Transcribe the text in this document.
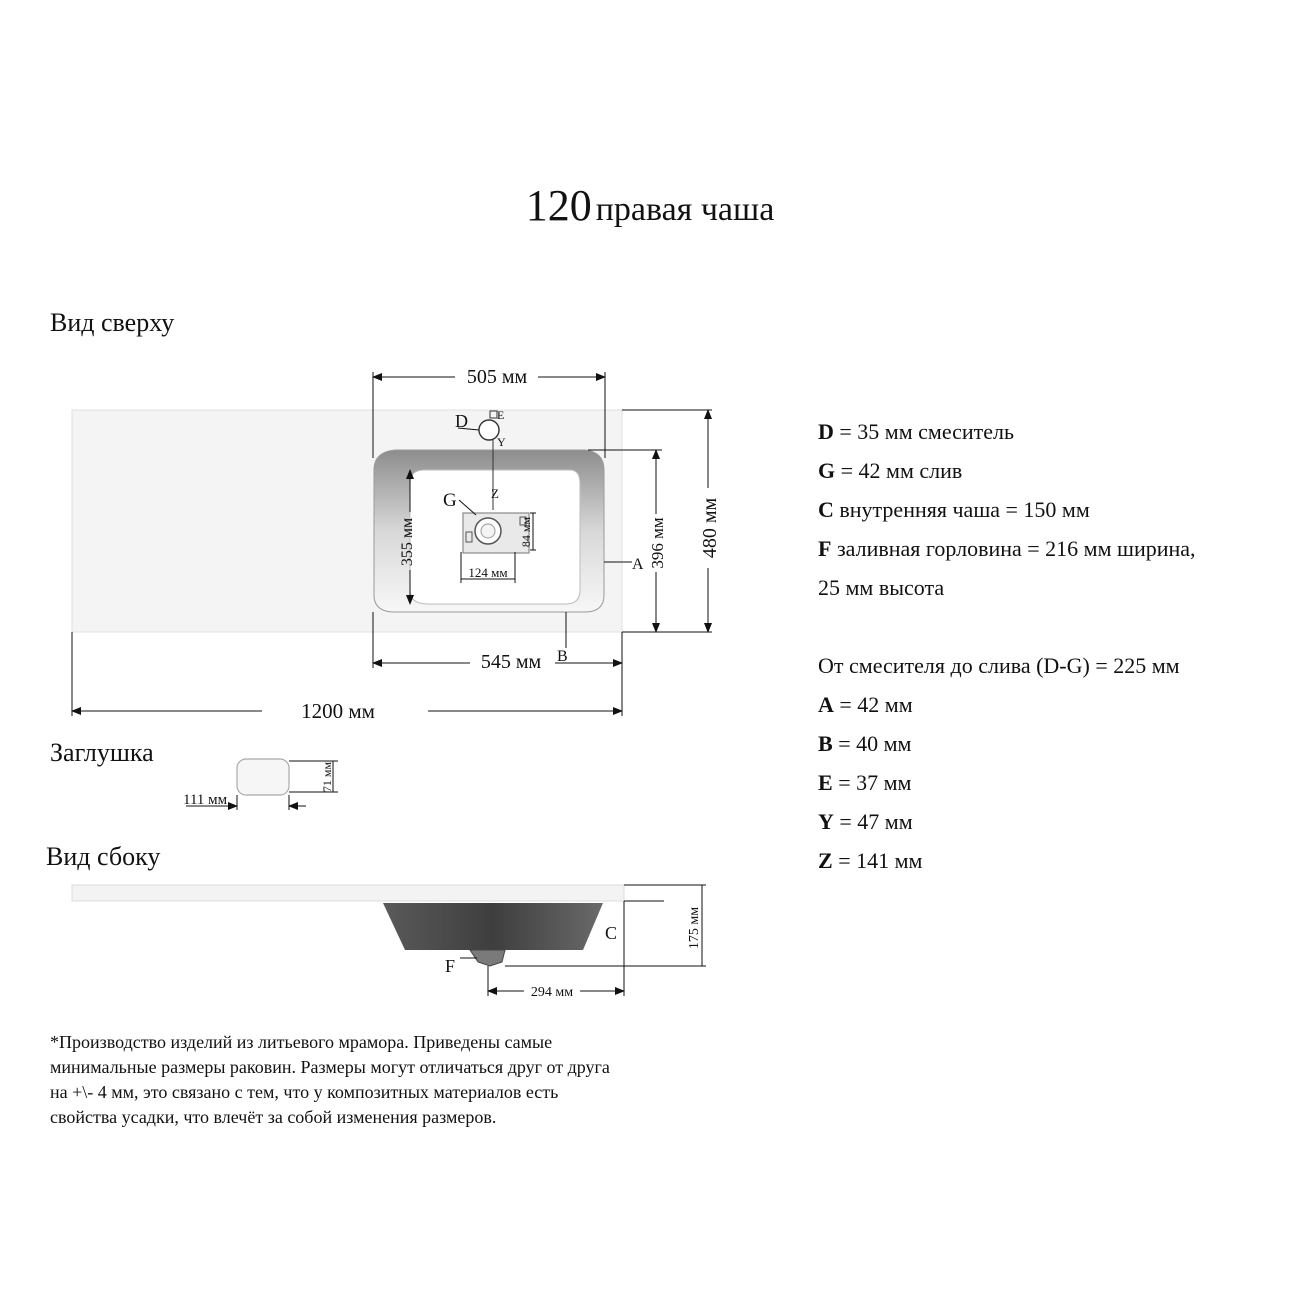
120 правая чаша
Вид сверху
Заглушка
Вид сбоку
505 мм
1200 мм
545 мм
480 мм
396 мм
355 мм
124 мм
84 мм
D E
Y
Z
G
A
B
111 мм
71 мм
175 мм
294 мм
C
F
D = 35 мм смеситель
G = 42 мм слив
C внутренняя чаша = 150 мм
F заливная горловина = 216 мм ширина,
25 мм высота
От смесителя до слива (D-G) = 225 мм
A = 42 мм
B = 40 мм
E = 37 мм
Y = 47 мм
Z = 141 мм
*Производство изделий из литьевого мрамора. Приведены самые
минимальные размеры раковин. Размеры могут отличаться друг от друга
на +\- 4 мм, это связано с тем, что у композитных материалов есть
свойства усадки, что влечёт за собой изменения размеров.
